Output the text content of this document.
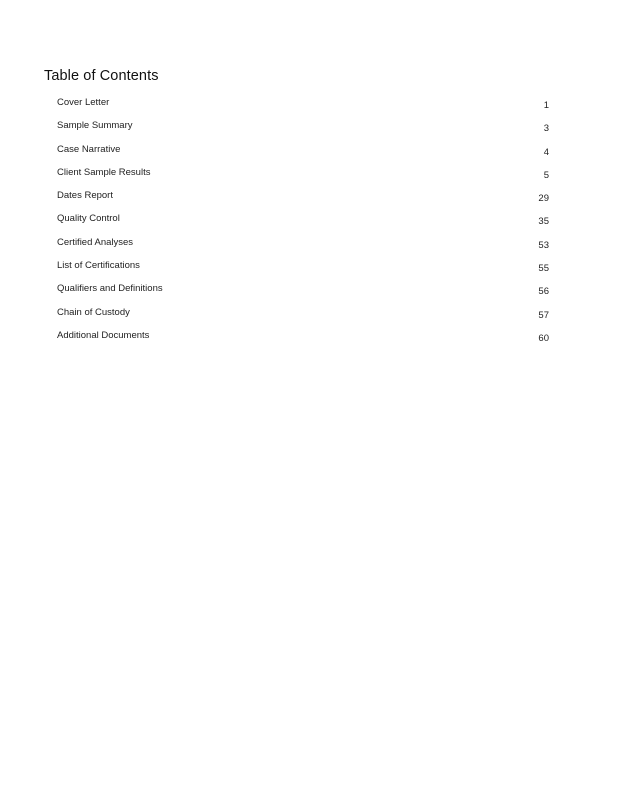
Table of Contents
Cover Letter	1
Sample Summary	3
Case Narrative	4
Client Sample Results	5
Dates Report	29
Quality Control	35
Certified Analyses	53
List of Certifications	55
Qualifiers and Definitions	56
Chain of Custody	57
Additional Documents	60
